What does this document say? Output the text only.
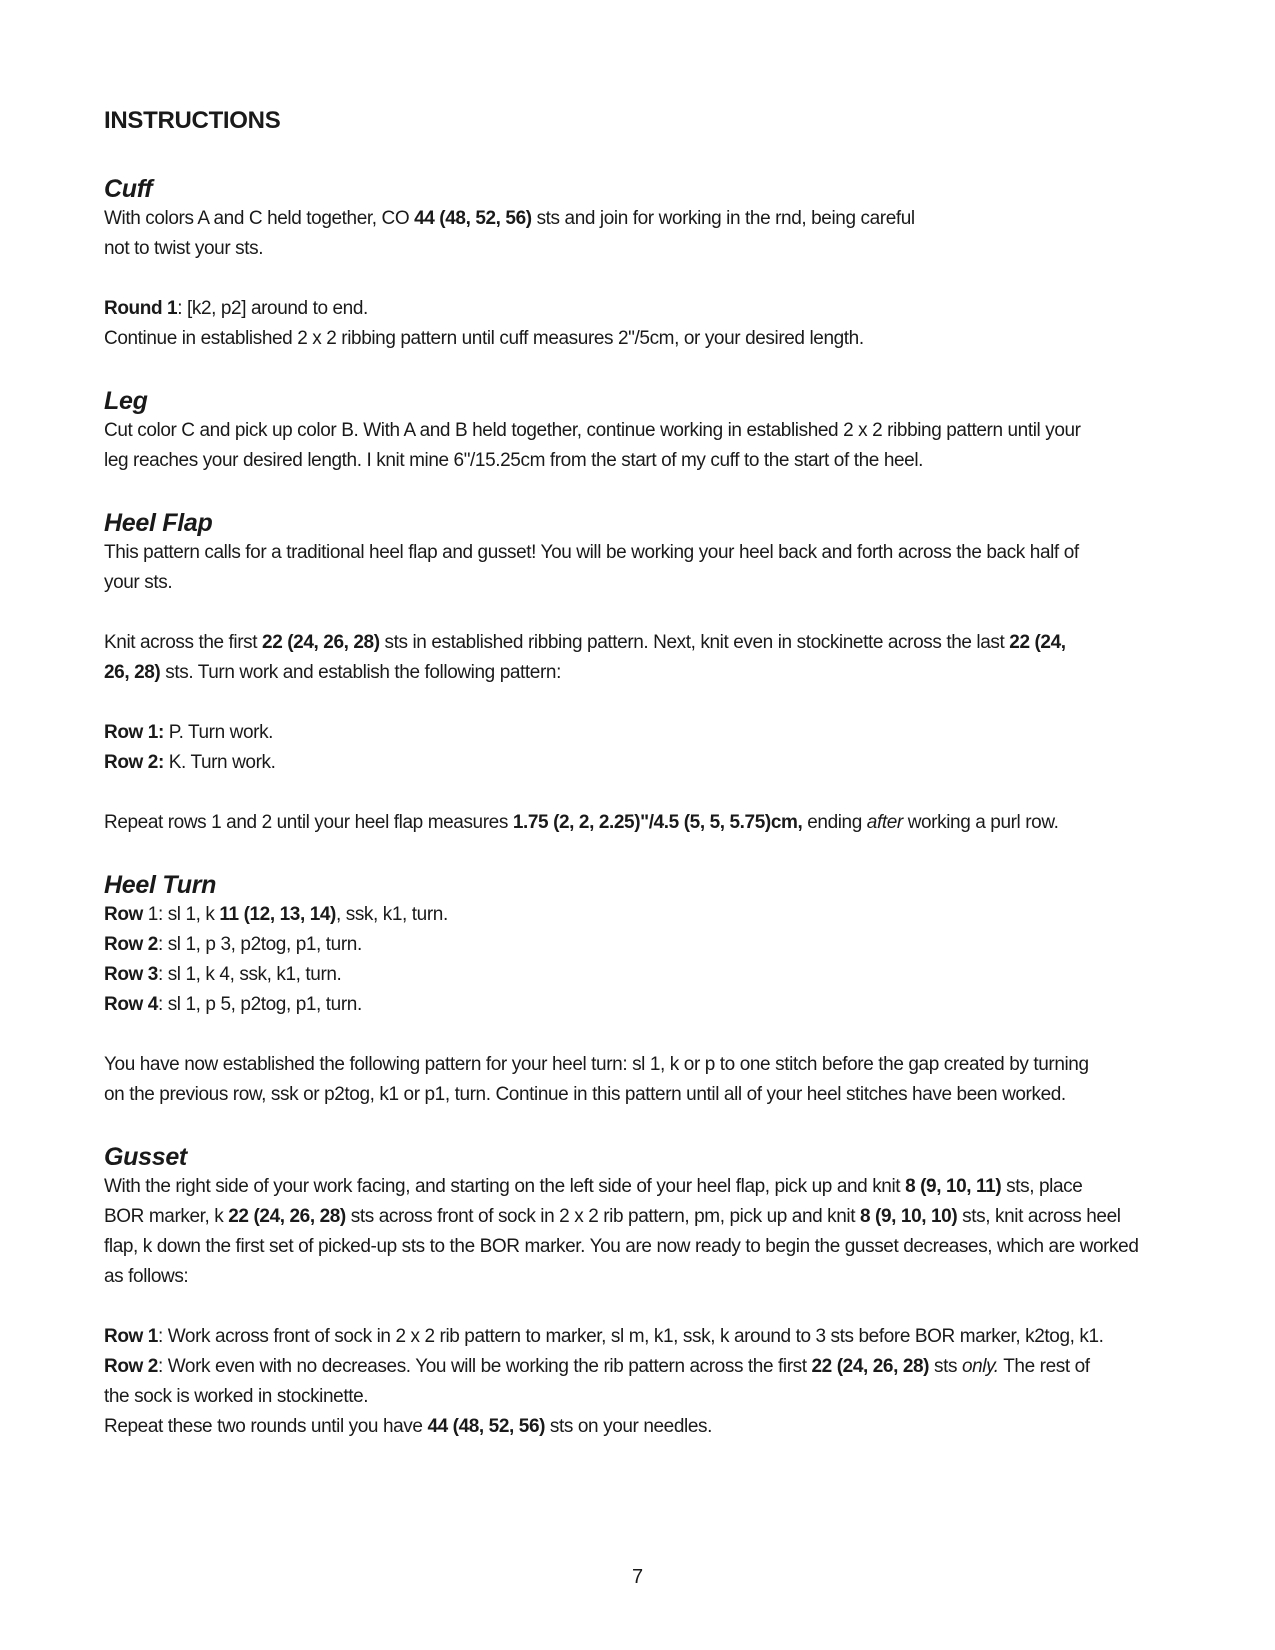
INSTRUCTIONS
Cuff

With colors A and C held together, CO 44 (48, 52, 56) sts and join for working in the rnd, being careful
not to twist your sts.

Round 1: [k2, p2] around to end.

Continue in established 2 x 2 ribbing pattern until cuff measures 2"/5cm, or your desired length.

Leg

Cut color C and pick up color B. With A and B held together, continue working in established 2 x 2 ribbing pattern until your
leg reaches your desired length. I knit mine 6"/15.25cm from the start of my cuff to the start of the heel.

Heel Flap

This pattern calls for a traditional heel flap and gusset! You will be working your heel back and forth across the back half of
your sts.

Knit across the first 22 (24, 26, 28) sts in established ribbing pattern. Next, knit even in stockinette across the last 22 (24,
26, 28) sts. Turn work and establish the following pattern:

Row 1: P. Turn work.

Row 2: K. Turn work.

Repeat rows 1 and 2 until your heel flap measures 1.75 (2, 2, 2.25)"/4.5 (5, 5, 5.75)cm, ending after working a purl row.

Heel Turn

Row 1: sl 1, k 11 (12, 13, 14), ssk, k1, turn.

Row 2: sl 1, p 3, p2tog, p1, turn.

Row 3: sl 1, k 4, ssk, k1, turn.

Row 4: sl 1, p 5, p2tog, p1, turn.

You have now established the following pattern for your heel turn: sl 1, k or p to one stitch before the gap created by turning
on the previous row, ssk or p2tog, k1 or p1, turn. Continue in this pattern until all of your heel stitches have been worked.

Gusset

With the right side of your work facing, and starting on the left side of your heel flap, pick up and knit 8 (9, 10, 11) sts, place
BOR marker, k 22 (24, 26, 28) sts across front of sock in 2 x 2 rib pattern, pm, pick up and knit 8 (9, 10, 10) sts, knit across heel
flap, k down the first set of picked-up sts to the BOR marker. You are now ready to begin the gusset decreases, which are worked
as follows:

Row 1: Work across front of sock in 2 x 2 rib pattern to marker, sl m, k1, ssk, k around to 3 sts before BOR marker, k2tog, k1.

Row 2: Work even with no decreases. You will be working the rib pattern across the first 22 (24, 26, 28) sts only. The rest of
the sock is worked in stockinette.

Repeat these two rounds until you have 44 (48, 52, 56) sts on your needles.

7
